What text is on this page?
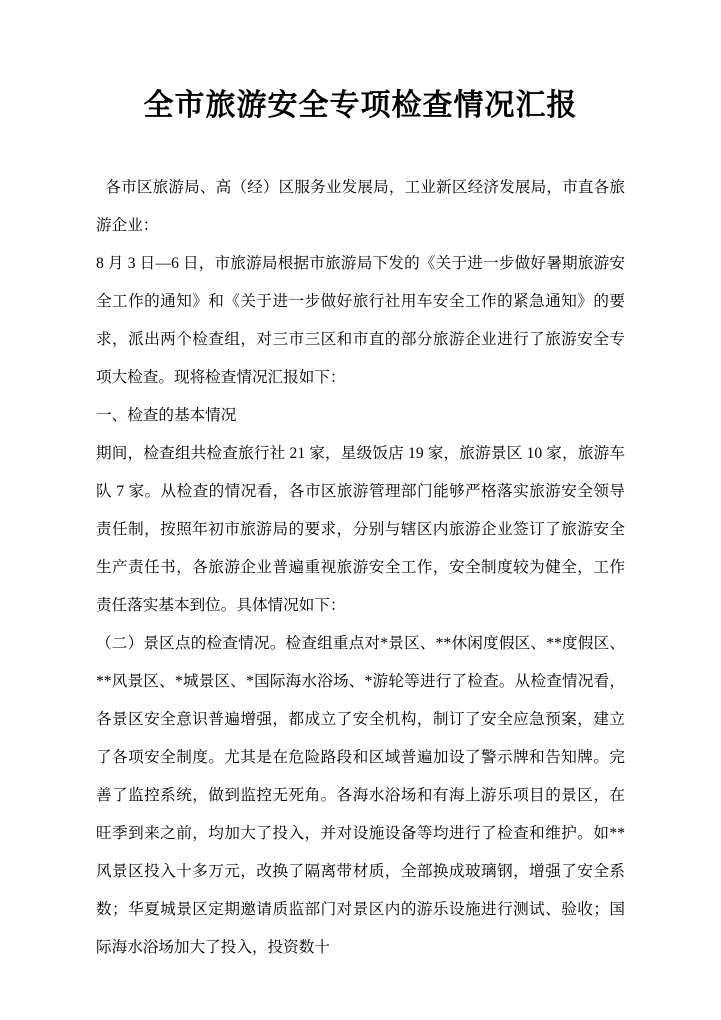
全市旅游安全专项检查情况汇报

各市区旅游局、高（经）区服务业发展局，工业新区经济发展局，市直各旅游企业：

8 月 3 日—6 日，市旅游局根据市旅游局下发的《关于进一步做好暑期旅游安全工作的通知》和《关于进一步做好旅行社用车安全工作的紧急通知》的要求，派出两个检查组，对三市三区和市直的部分旅游企业进行了旅游安全专项大检查。现将检查情况汇报如下：

一、检查的基本情况

期间，检查组共检查旅行社 21 家，星级饭店 19 家，旅游景区 10 家，旅游车队 7 家。从检查的情况看，各市区旅游管理部门能够严格落实旅游安全领导责任制，按照年初市旅游局的要求，分别与辖区内旅游企业签订了旅游安全生产责任书，各旅游企业普遍重视旅游安全工作，安全制度较为健全，工作责任落实基本到位。具体情况如下：

（二）景区点的检查情况。检查组重点对*景区、**休闲度假区、**度假区、**风景区、*城景区、*国际海水浴场、*游轮等进行了检查。从检查情况看，各景区安全意识普遍增强，都成立了安全机构，制订了安全应急预案，建立了各项安全制度。尤其是在危险路段和区域普遍加设了警示牌和告知牌。完善了监控系统，做到监控无死角。各海水浴场和有海上游乐项目的景区，在旺季到来之前，均加大了投入，并对设施设备等均进行了检查和维护。如**风景区投入十多万元，改换了隔离带材质，全部换成玻璃钢，增强了安全系数；华夏城景区定期邀请质监部门对景区内的游乐设施进行测试、验收；国际海水浴场加大了投入，投资数十
